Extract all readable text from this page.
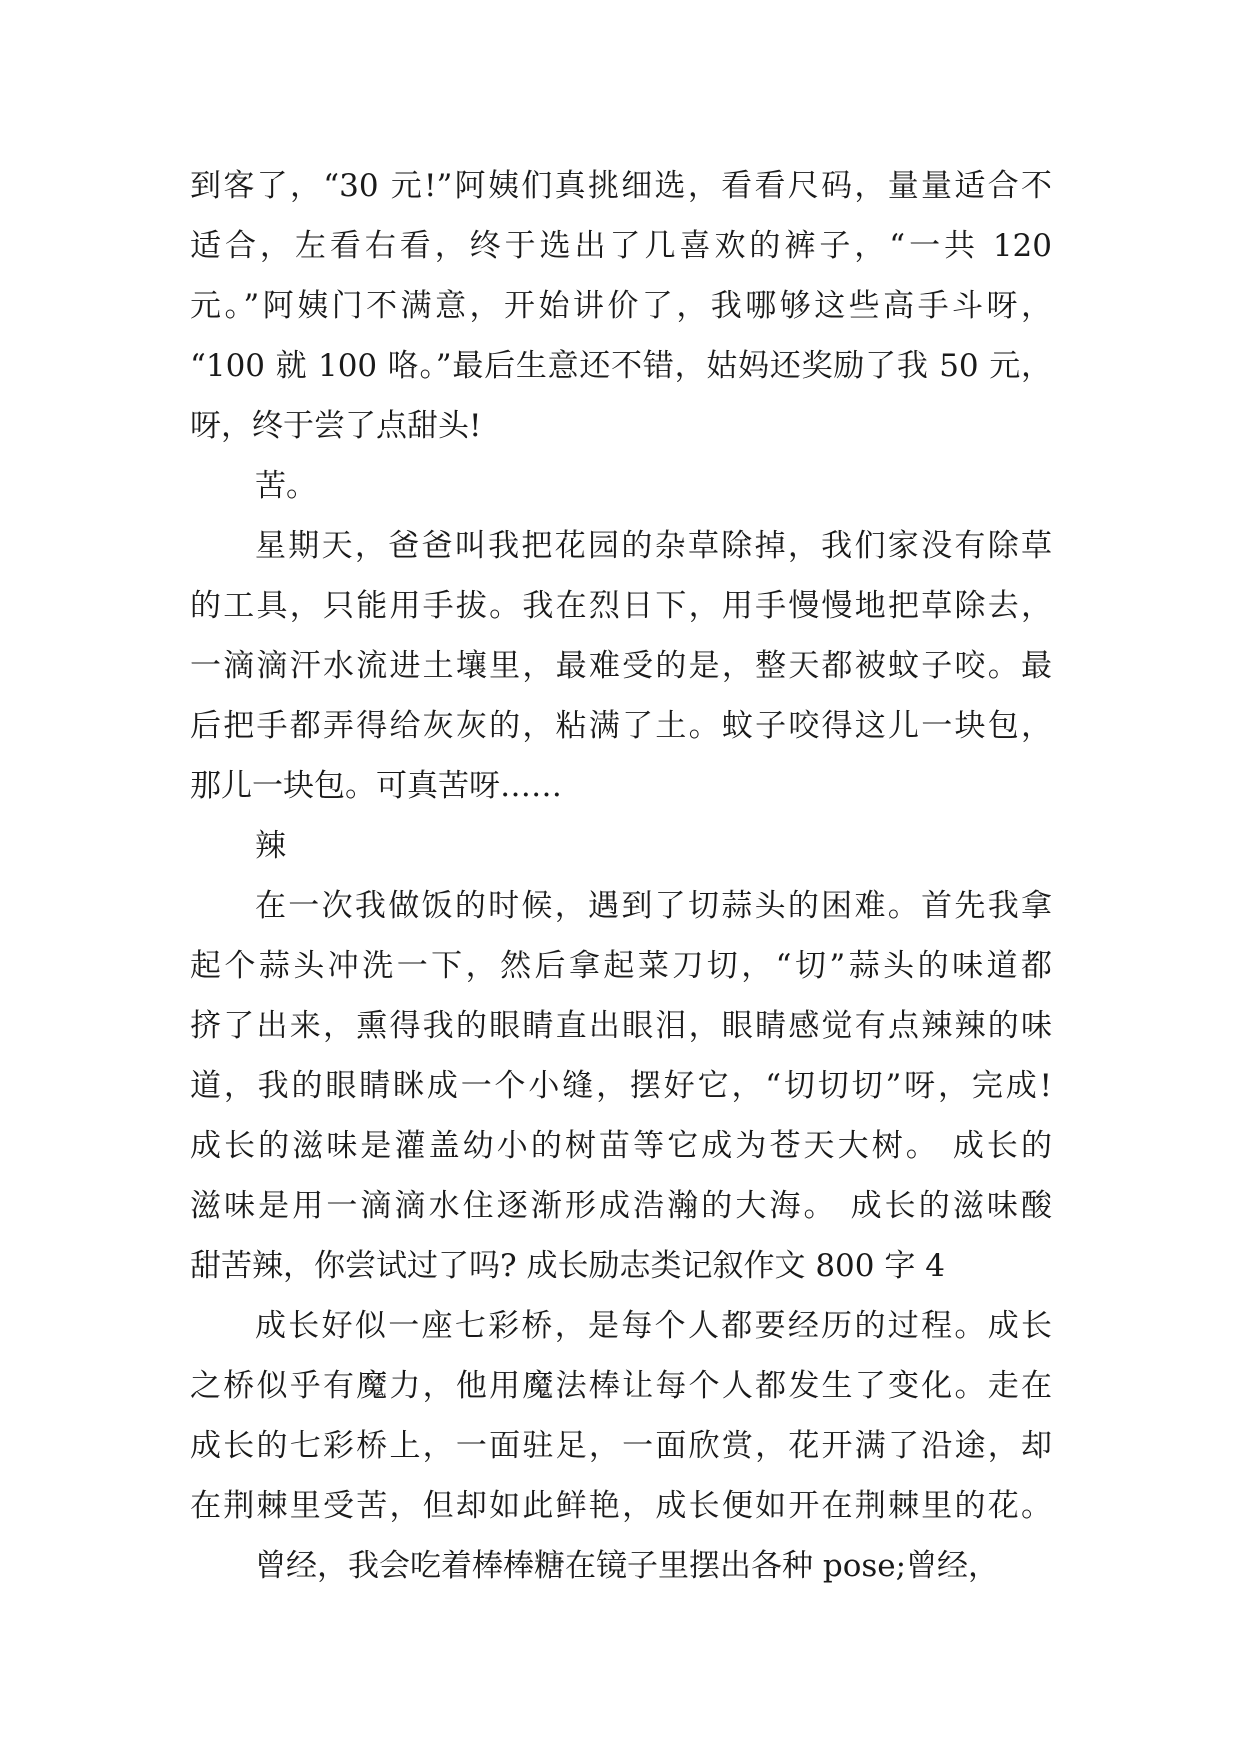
到客了，“30 元!”阿姨们真挑细选，看看尺码，量量适合不
适合，左看右看，终于选出了几喜欢的裤子，“一共 120
元。”阿姨门不满意，开始讲价了，我哪够这些高手斗呀，
“100 就 100 咯。”最后生意还不错，姑妈还奖励了我 50 元，
呀，终于尝了点甜头!
苦。
星期天，爸爸叫我把花园的杂草除掉，我们家没有除草
的工具，只能用手拔。我在烈日下，用手慢慢地把草除去，
一滴滴汗水流进土壤里，最难受的是，整天都被蚊子咬。最
后把手都弄得给灰灰的，粘满了土。蚊子咬得这儿一块包，
那儿一块包。可真苦呀……
辣
在一次我做饭的时候，遇到了切蒜头的困难。首先我拿
起个蒜头冲洗一下，然后拿起菜刀切，“切”蒜头的味道都
挤了出来，熏得我的眼睛直出眼泪，眼睛感觉有点辣辣的味
道，我的眼睛眯成一个小缝，摆好它，“切切切”呀，完成!
成长的滋味是灌盖幼小的树苗等它成为苍天大树。 成长的
滋味是用一滴滴水住逐渐形成浩瀚的大海。 成长的滋味酸
甜苦辣，你尝试过了吗? 成长励志类记叙作文 800 字 4
成长好似一座七彩桥，是每个人都要经历的过程。成长
之桥似乎有魔力，他用魔法棒让每个人都发生了变化。走在
成长的七彩桥上，一面驻足，一面欣赏，花开满了沿途，却
在荆棘里受苦，但却如此鲜艳，成长便如开在荆棘里的花。
曾经，我会吃着棒棒糖在镜子里摆出各种 pose;曾经，
